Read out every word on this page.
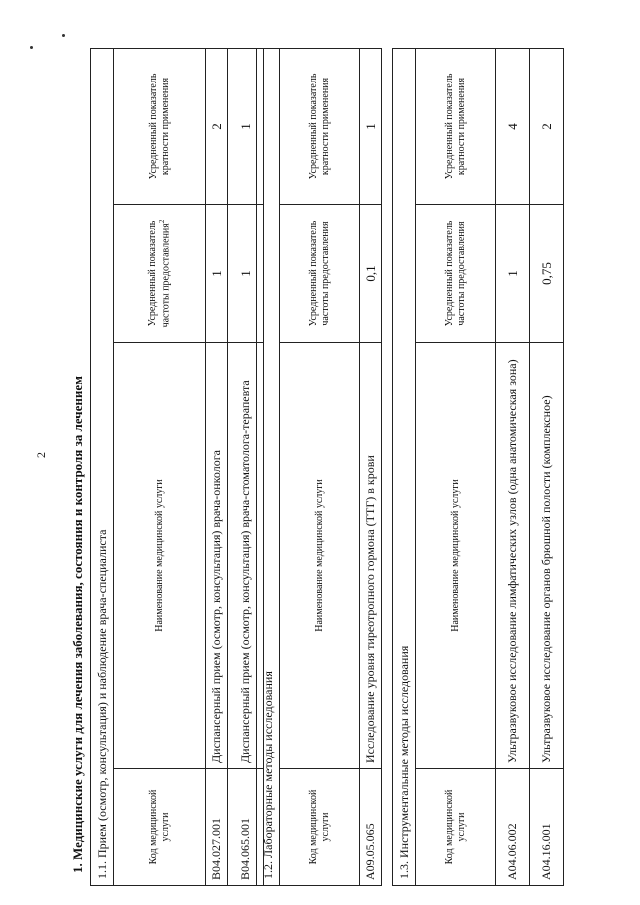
2 1. Медицинские услуги для лечения заболевания, состояния и контроля за лечением 1.1. Прием (осмотр, консультация) и наблюдение врача-специалиста			
Код медицинской услуги	Наименование медицинской услуги	Усредненный показатель частоты предоставления$^2$	Усредненный показатель кратности применения
B04.027.001	Диспансерный прием (осмотр, консультация) врача-онколога	1	2
B04.065.001	Диспансерный прием (осмотр, консультация) врача-стоматолога-терапевта	1	1
1.2. Лабораторные методы исследования			
Код медицинской услуги	Наименование медицинской услуги	Усредненный показатель частоты предоставления	Усредненный показатель кратности применения
A09.05.065	Исследование уровня тиреотропного гормона (ТТГ) в крови	0,1	1
1.3. Инструментальные методы исследования			
Код медицинской услуги	Наименование медицинской услуги	Усредненный показатель частоты предоставления	Усредненный показатель кратности применения
A04.06.002	Ультразвуковое исследование лимфатических узлов (одна анатомическая зона)	1	4
A04.16.001	Ультразвуковое исследование органов брюшной полости (комплексное)	0,75	2
